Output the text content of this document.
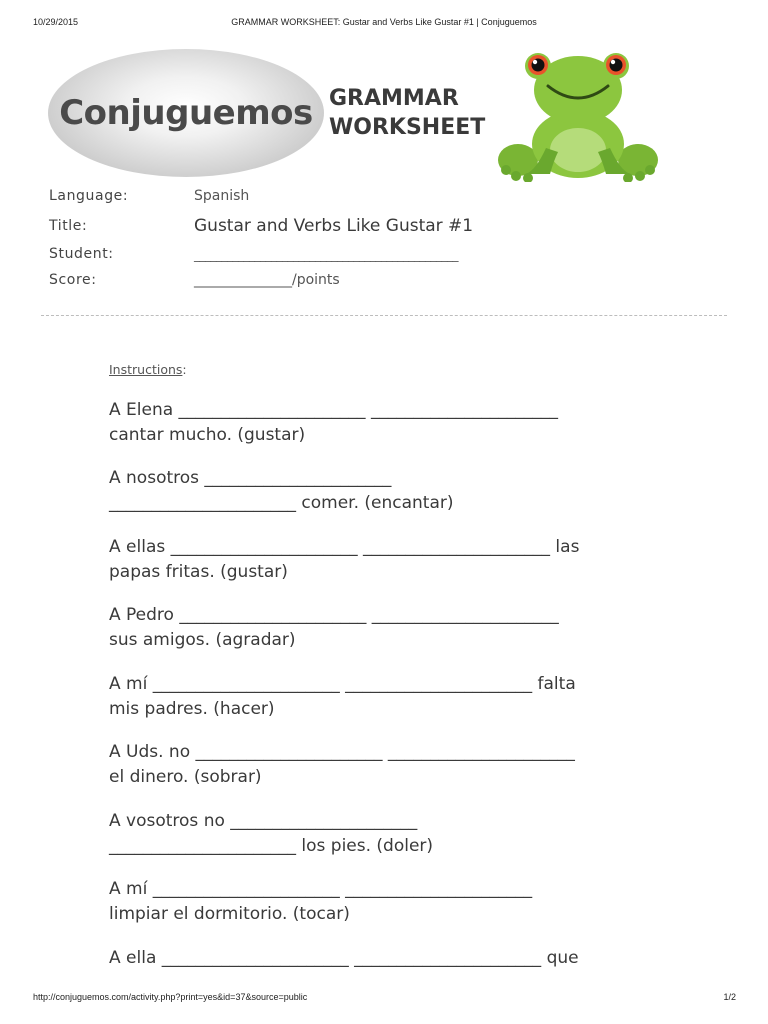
10/29/2015	GRAMMAR WORKSHEET: Gustar and Verbs Like Gustar #1 | Conjuguemos
Conjuguemos GRAMMAR
WORKSHEET
Language:	Spanish
Title:	Gustar and Verbs Like Gustar #1
Student:	________________________________________________
Score:	______________/points
Instructions:
A Elena ______________________ ______________________
cantar mucho. (gustar)
A nosotros ______________________
______________________ comer. (encantar)
A ellas ______________________ ______________________ las
papas fritas. (gustar)
A Pedro ______________________ ______________________
sus amigos. (agradar)
A mí ______________________ ______________________ falta
mis padres. (hacer)
A Uds. no ______________________ ______________________
el dinero. (sobrar)
A vosotros no ______________________
______________________ los pies. (doler)
A mí ______________________ ______________________
limpiar el dormitorio. (tocar)
A ella ______________________ ______________________ que
http://conjuguemos.com/activity.php?print=yes&id=37&source=public	1/2
